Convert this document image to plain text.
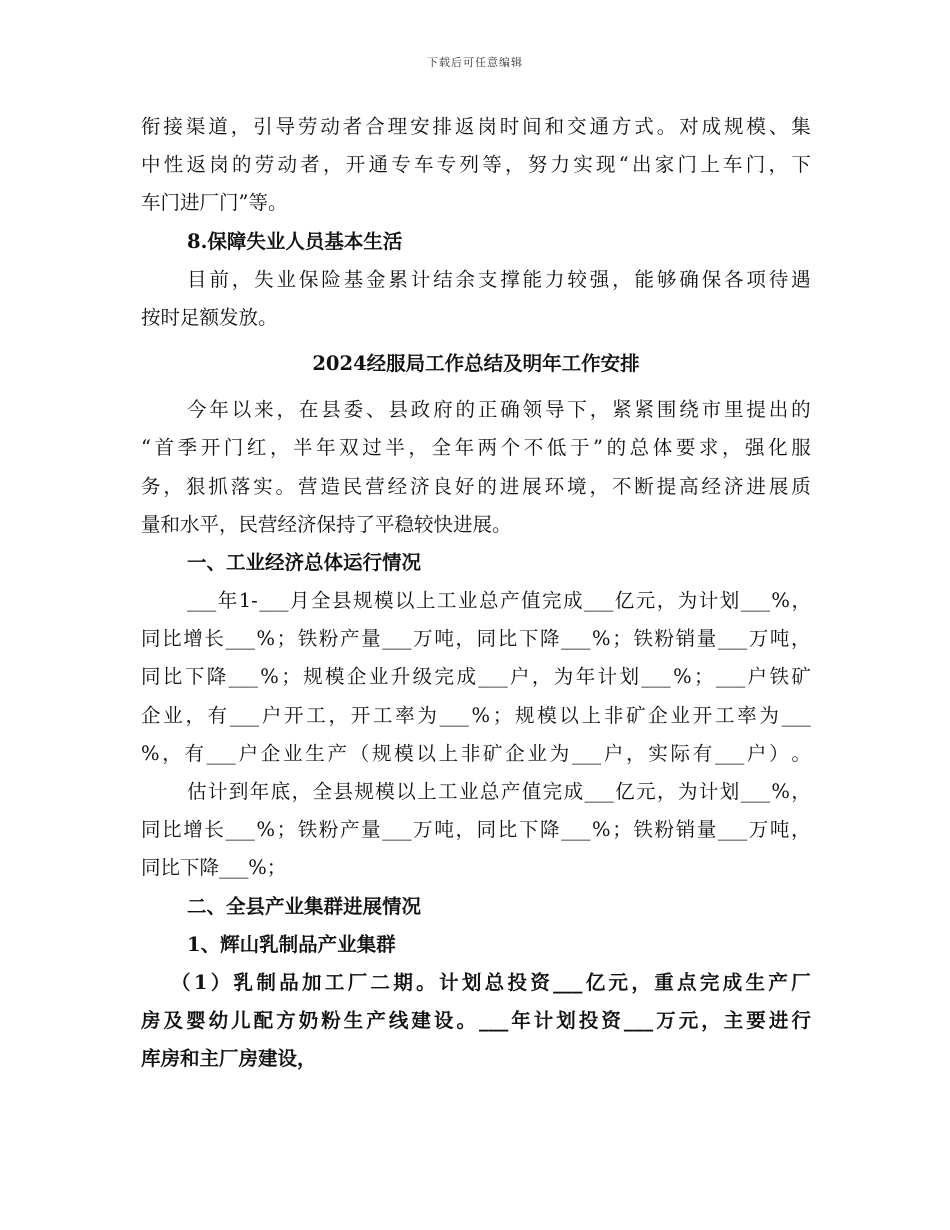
下载后可任意编辑
衔 接 渠 道 ， 引 导 劳 动 者 合 理 安 排 返 岗 时 间 和 交 通 方 式 。 对 成 规 模 、 集
中 性 返 岗 的 劳 动 者 ， 开 通 专 车 专 列 等 ， 努 力 实 现 “ 出 家 门 上 车 门 ， 下
车门进厂门”等。
8.保障失业人员基本生活
目 前 ， 失 业 保 险 基 金 累 计 结 余 支 撑 能 力 较 强 ， 能 够 确 保 各 项 待 遇
按时足额发放。
2024经服局工作总结及明年工作安排
今 年 以 来 ， 在 县 委 、 县 政 府 的 正 确 领 导 下 ， 紧 紧 围 绕 市 里 提 出 的
“ 首 季 开 门 红 ， 半 年 双 过 半 ， 全 年 两 个 不 低 于 ” 的 总 体 要 求 ， 强 化 服
务 ， 狠 抓 落 实 。 营 造 民 营 经 济 良 好 的 进 展 环 境 ， 不 断 提 高 经 济 进 展 质
量和水平，民营经济保持了平稳较快进展。
一、工业经济总体运行情况
___ 年 1- ___ 月 全 县 规 模 以 上 工 业 总 产 值 完 成 ___ 亿 元 ， 为 计 划 ___ % ，
同 比 增 长 ___ % ； 铁 粉 产 量 ___ 万 吨 ， 同 比 下 降 ___ % ； 铁 粉 销 量 ___ 万 吨 ，
同 比 下 降 ___ % ； 规 模 企 业 升 级 完 成 ___ 户 ， 为 年 计 划 ___ % ； ___ 户 铁 矿
企 业 ， 有 ___ 户 开 工 ， 开 工 率 为 ___ % ； 规 模 以 上 非 矿 企 业 开 工 率 为 ___
% ， 有 ___ 户 企 业 生 产 （ 规 模 以 上 非 矿 企 业 为 ___ 户 ， 实 际 有 ___ 户 ） 。
估 计 到 年 底 ， 全 县 规 模 以 上 工 业 总 产 值 完 成 ___ 亿 元 ， 为 计 划 ___ % ，
同 比 增 长 ___ % ； 铁 粉 产 量 ___ 万 吨 ， 同 比 下 降 ___ % ； 铁 粉 销 量 ___ 万 吨 ，
同比下降___%；
二、全县产业集群进展情况
1、辉山乳制品产业集群
（ 1 ） 乳 制 品 加 工 厂 二 期 。 计 划 总 投 资 ___ 亿 元 ， 重 点 完 成 生 产 厂
房 及 婴 幼 儿 配 方 奶 粉 生 产 线 建 设 。 ___ 年 计 划 投 资 ___ 万 元 ， 主 要 进 行
库房和主厂房建设，
